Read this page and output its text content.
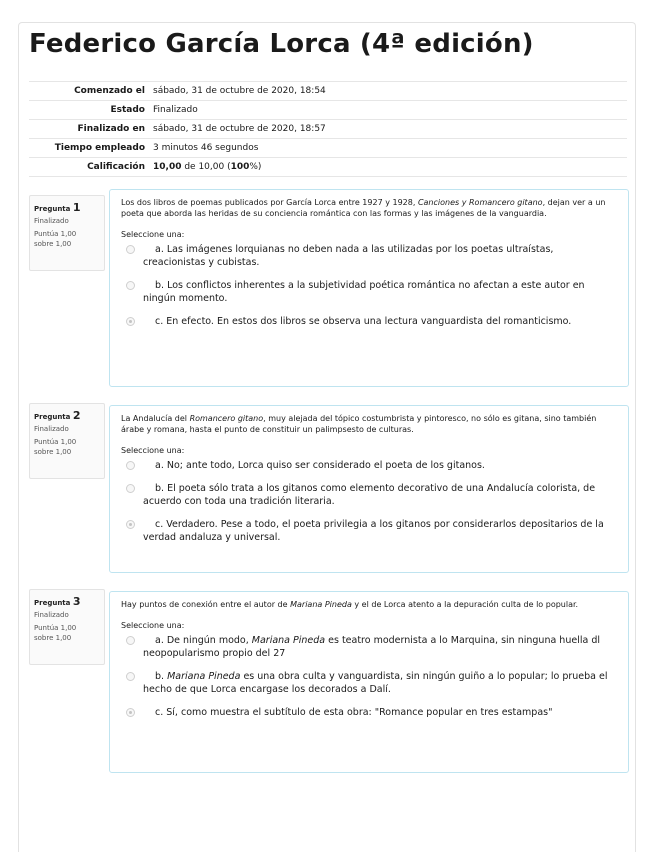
Federico García Lorca (4ª edición)
Comenzado el	sábado, 31 de octubre de 2020, 18:54
Estado	Finalizado
Finalizado en	sábado, 31 de octubre de 2020, 18:57
Tiempo empleado	3 minutos 46 segundos
Calificación	10,00 de 10,00 (100%)
Pregunta 1
Finalizado
Puntúa 1,00
sobre 1,00

Los dos libros de poemas publicados por García Lorca entre 1927 y 1928, Canciones y Romancero gitano, dejan ver a un poeta que aborda las heridas de su conciencia romántica con las formas y las imágenes de la vanguardia.

Seleccione una:
a. Las imágenes lorquianas no deben nada a las utilizadas por los poetas ultraístas, creacionistas y cubistas.
b. Los conflictos inherentes a la subjetividad poética romántica no afectan a este autor en ningún momento.
c. En efecto. En estos dos libros se observa una lectura vanguardista del romanticismo.
Pregunta 2
Finalizado
Puntúa 1,00
sobre 1,00

La Andalucía del Romancero gitano, muy alejada del tópico costumbrista y pintoresco, no sólo es gitana, sino también árabe y romana, hasta el punto de constituir un palimpsesto de culturas.

Seleccione una:
a. No; ante todo, Lorca quiso ser considerado el poeta de los gitanos.
b. El poeta sólo trata a los gitanos como elemento decorativo de una Andalucía colorista, de acuerdo con toda una tradición literaria.
c. Verdadero. Pese a todo, el poeta privilegia a los gitanos por considerarlos depositarios de la verdad andaluza y universal.
Pregunta 3
Finalizado
Puntúa 1,00
sobre 1,00

Hay puntos de conexión entre el autor de Mariana Pineda y el de Lorca atento a la depuración culta de lo popular.

Seleccione una:
a. De ningún modo, Mariana Pineda es teatro modernista a lo Marquina, sin ninguna huella dl neopopularismo propio del 27
b. Mariana Pineda es una obra culta y vanguardista, sin ningún guiño a lo popular; lo prueba el hecho de que Lorca encargase los decorados a Dalí.
c. Sí, como muestra el subtítulo de esta obra: "Romance popular en tres estampas"
